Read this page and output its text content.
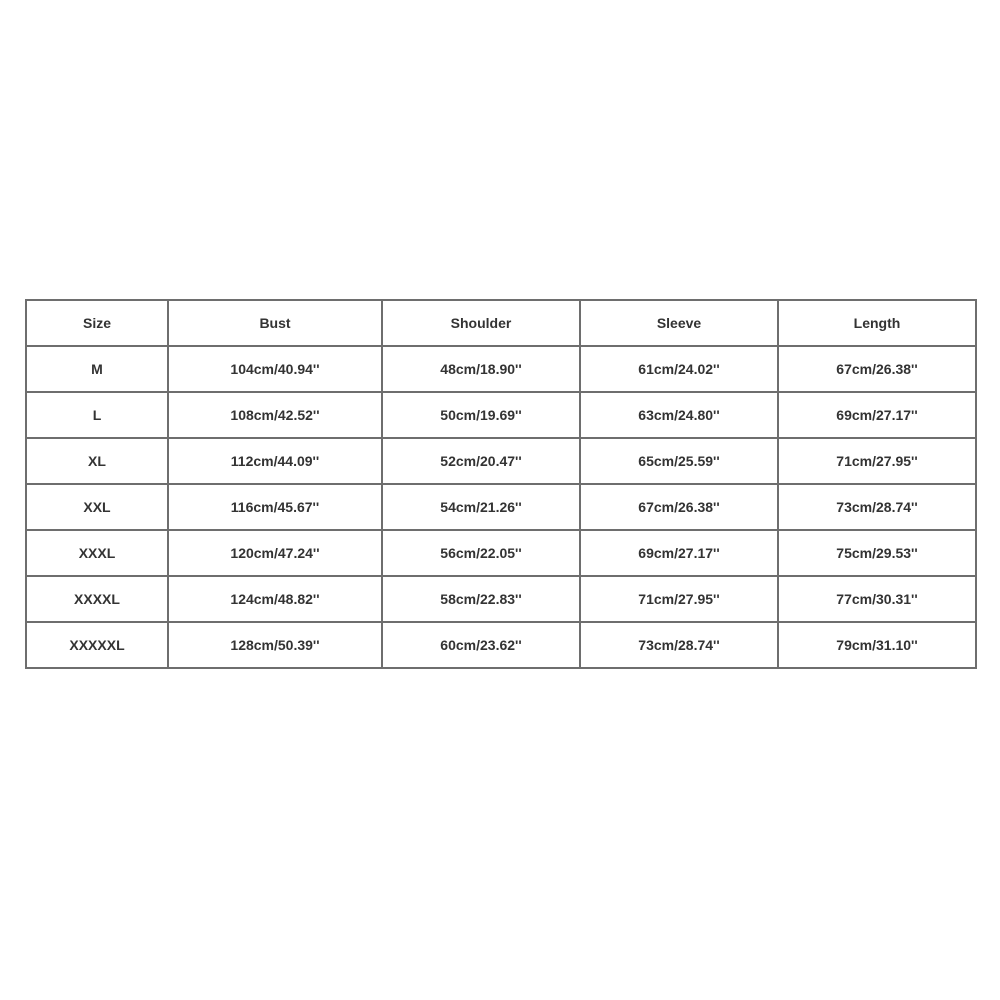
Size	Bust	Shoulder	Sleeve	Length
M	104cm/40.94''	48cm/18.90''	61cm/24.02''	67cm/26.38''
L	108cm/42.52''	50cm/19.69''	63cm/24.80''	69cm/27.17''
XL	112cm/44.09''	52cm/20.47''	65cm/25.59''	71cm/27.95''
XXL	116cm/45.67''	54cm/21.26''	67cm/26.38''	73cm/28.74''
XXXL	120cm/47.24''	56cm/22.05''	69cm/27.17''	75cm/29.53''
XXXXL	124cm/48.82''	58cm/22.83''	71cm/27.95''	77cm/30.31''
XXXXXL	128cm/50.39''	60cm/23.62''	73cm/28.74''	79cm/31.10''
